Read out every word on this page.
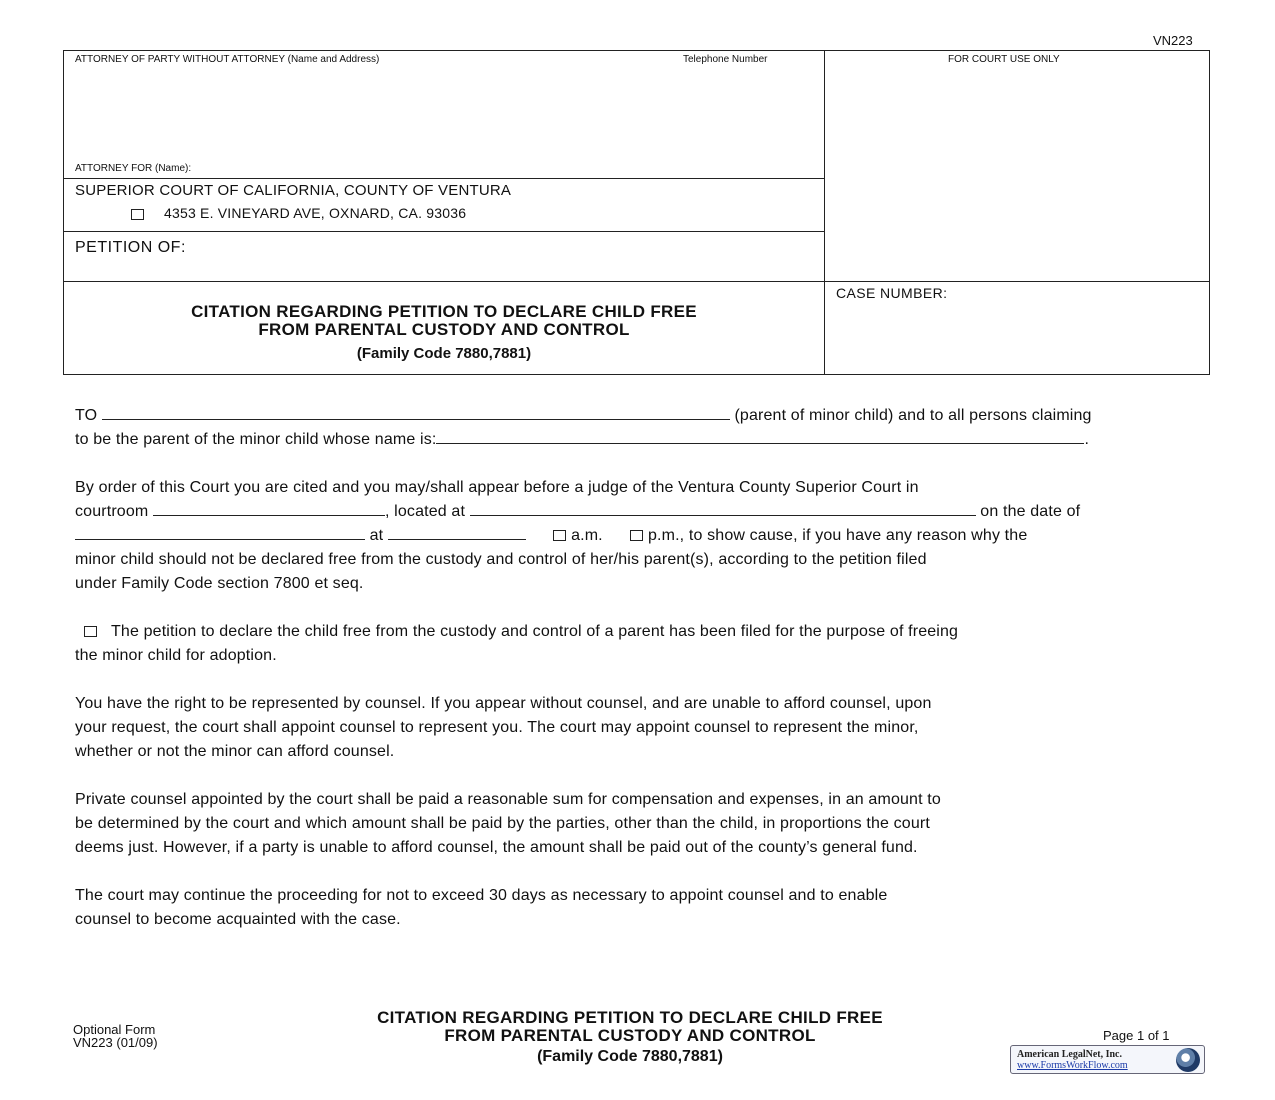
VN223
ATTORNEY OF PARTY WITHOUT ATTORNEY (Name and Address)	Telephone Number	FOR COURT USE ONLY
ATTORNEY FOR (Name):
SUPERIOR COURT OF CALIFORNIA, COUNTY OF VENTURA
4353 E. VINEYARD AVE, OXNARD, CA. 93036
PETITION OF:
CITATION REGARDING PETITION TO DECLARE CHILD FREE
FROM PARENTAL CUSTODY AND CONTROL
(Family Code 7880,7881)
CASE NUMBER:

TO	(parent of minor child) and to all persons claiming

to be the parent of the minor child whose name is:	.

By order of this Court you are cited and you may/shall appear before a judge of the Ventura County Superior Court in

courtroom	, located at	on the date of

at	a.m.	p.m., to show cause, if you have any reason why the

minor child should not be declared free from the custody and control of her/his parent(s), according to the petition filed

under Family Code section 7800 et seq.

The petition to declare the child free from the custody and control of a parent has been filed for the purpose of freeing

the minor child for adoption.

You have the right to be represented by counsel. If you appear without counsel, and are unable to afford counsel, upon

your request, the court shall appoint counsel to represent you. The court may appoint counsel to represent the minor,

whether or not the minor can afford counsel.

Private counsel appointed by the court shall be paid a reasonable sum for compensation and expenses, in an amount to

be determined by the court and which amount shall be paid by the parties, other than the child, in proportions the court

deems just. However, if a party is unable to afford counsel, the amount shall be paid out of the county’s general fund.

The court may continue the proceeding for not to exceed 30 days as necessary to appoint counsel and to enable

counsel to become acquainted with the case.

Optional Form
VN223 (01/09)
CITATION REGARDING PETITION TO DECLARE CHILD FREE
FROM PARENTAL CUSTODY AND CONTROL
(Family Code 7880,7881)
Page 1 of 1
American LegalNet, Inc.
www.FormsWorkFlow.com
